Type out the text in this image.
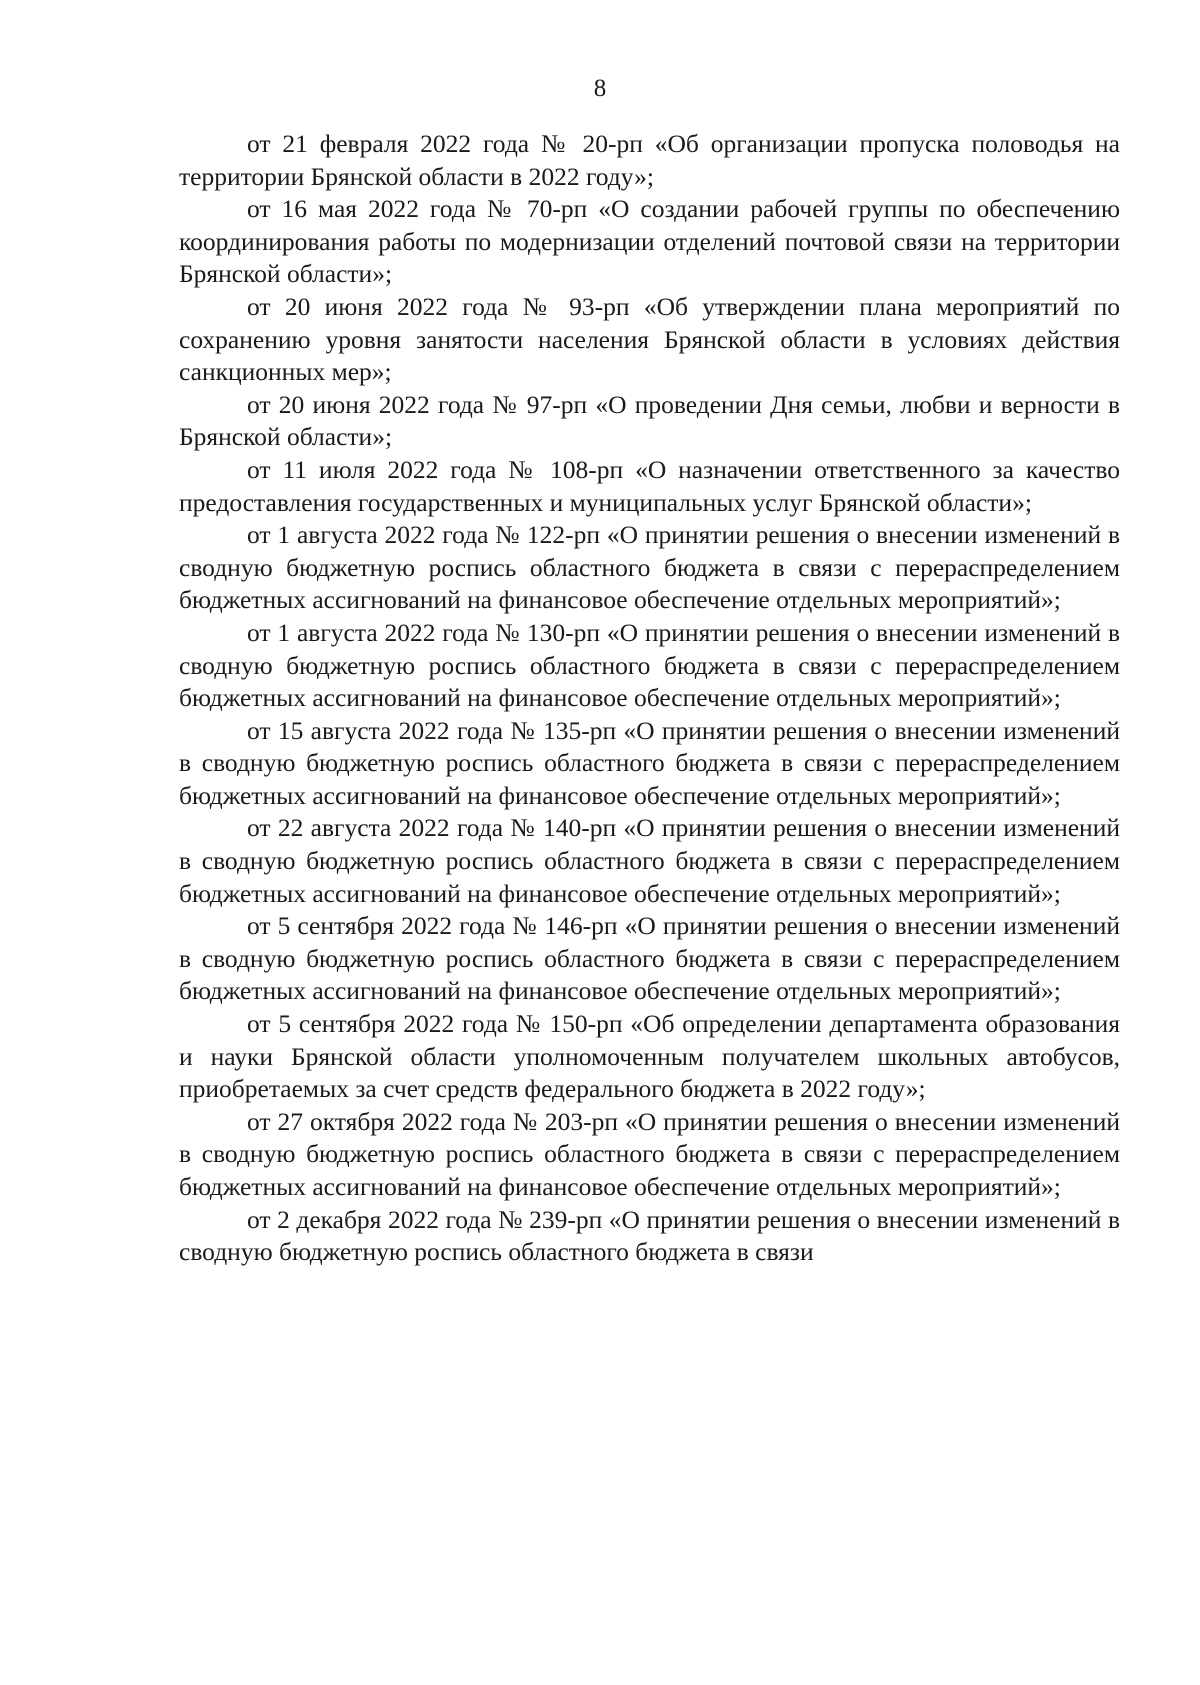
8

от 21 февраля 2022 года № 20-рп «Об организации пропуска половодья на территории Брянской области в 2022 году»;

от 16 мая 2022 года № 70-рп «О создании рабочей группы по обеспечению координирования работы по модернизации отделений почтовой связи на территории Брянской области»;

от 20 июня 2022 года № 93-рп «Об утверждении плана мероприятий по сохранению уровня занятости населения Брянской области в условиях действия санкционных мер»;

от 20 июня 2022 года № 97-рп «О проведении Дня семьи, любви и верности в Брянской области»;

от 11 июля 2022 года № 108-рп «О назначении ответственного за качество предоставления государственных и муниципальных услуг Брянской области»;

от 1 августа 2022 года № 122-рп «О принятии решения о внесении изменений в сводную бюджетную роспись областного бюджета в связи с перераспределением бюджетных ассигнований на финансовое обеспечение отдельных мероприятий»;

от 1 августа 2022 года № 130-рп «О принятии решения о внесении изменений в сводную бюджетную роспись областного бюджета в связи с перераспределением бюджетных ассигнований на финансовое обеспечение отдельных мероприятий»;

от 15 августа 2022 года № 135-рп «О принятии решения о внесении изменений в сводную бюджетную роспись областного бюджета в связи с перераспределением бюджетных ассигнований на финансовое обеспечение отдельных мероприятий»;

от 22 августа 2022 года № 140-рп «О принятии решения о внесении изменений в сводную бюджетную роспись областного бюджета в связи с перераспределением бюджетных ассигнований на финансовое обеспечение отдельных мероприятий»;

от 5 сентября 2022 года № 146-рп «О принятии решения о внесении изменений в сводную бюджетную роспись областного бюджета в связи с перераспределением бюджетных ассигнований на финансовое обеспечение отдельных мероприятий»;

от 5 сентября 2022 года № 150-рп «Об определении департамента образования и науки Брянской области уполномоченным получателем школьных автобусов, приобретаемых за счет средств федерального бюджета в 2022 году»;

от 27 октября 2022 года № 203-рп «О принятии решения о внесении изменений в сводную бюджетную роспись областного бюджета в связи с перераспределением бюджетных ассигнований на финансовое обеспечение отдельных мероприятий»;

от 2 декабря 2022 года № 239-рп «О принятии решения о внесении изменений в сводную бюджетную роспись областного бюджета в связи
